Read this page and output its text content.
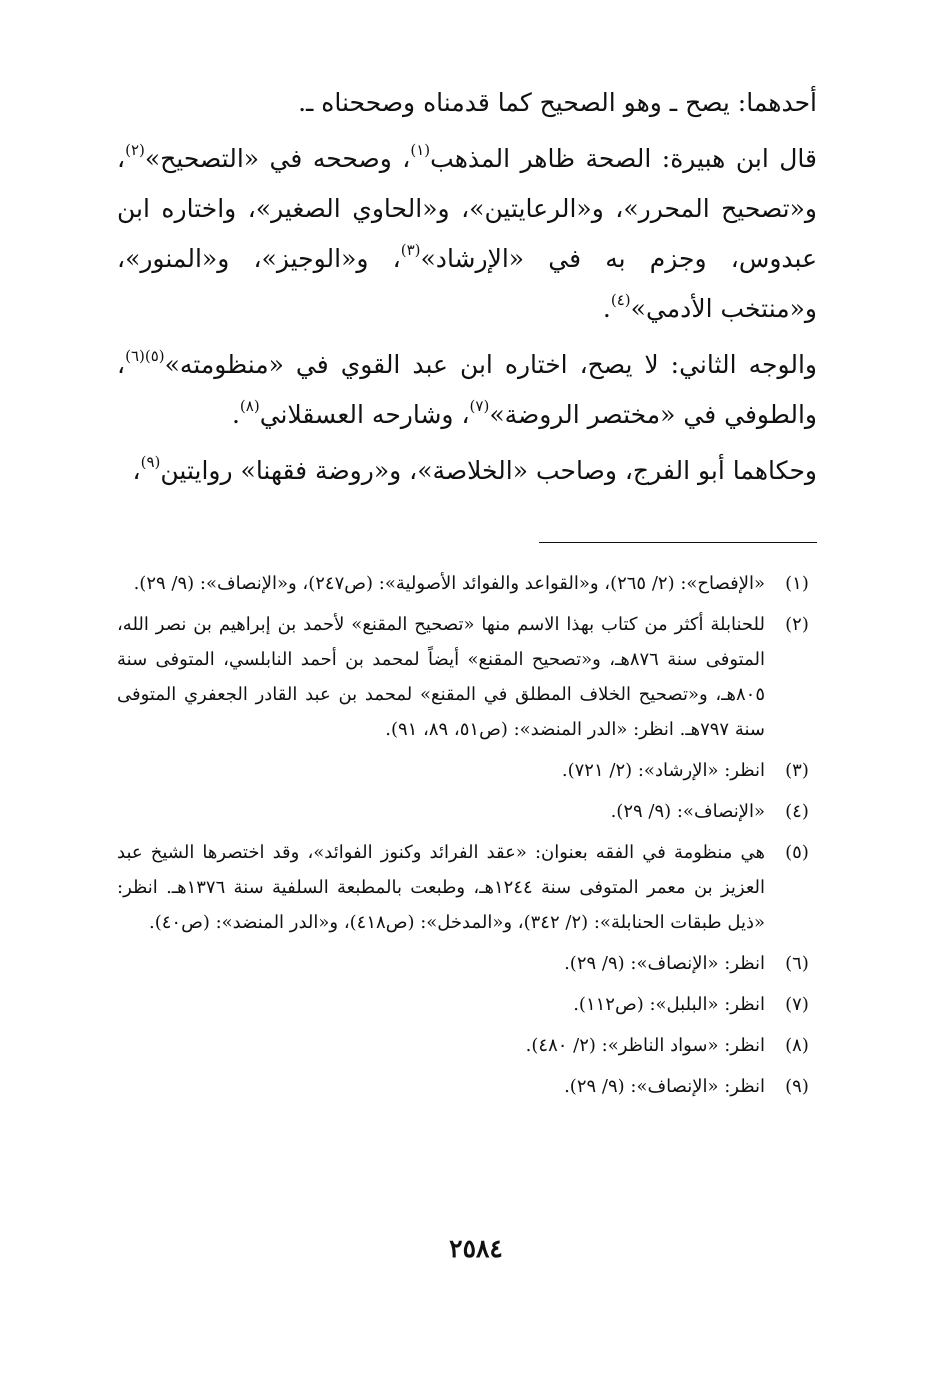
أحدهما: يصح ـ وهو الصحيح كما قدمناه وصححناه ـ.

قال ابن هبيرة: الصحة ظاهر المذهب$^{(١)}$، وصححه في «التصحيح»$^{(٢)}$، و«تصحيح المحرر»، و«الرعايتين»، و«الحاوي الصغير»، واختاره ابن عبدوس، وجزم به في «الإرشاد»$^{(٣)}$، و«الوجيز»، و«المنور»، و«منتخب الأدمي»$^{(٤)}$.

والوجه الثاني: لا يصح، اختاره ابن عبد القوي في «منظومته»$^{(٥)(٦)}$، والطوفي في «مختصر الروضة»$^{(٧)}$، وشارحه العسقلاني$^{(٨)}$.

وحكاهما أبو الفرج، وصاحب «الخلاصة»، و«روضة فقهنا» روايتين$^{(٩)}$،

(١)
«الإفصاح»: (٢/ ٢٦٥)، و«القواعد والفوائد الأصولية»: (ص٢٤٧)، و«الإنصاف»: (٩/ ٢٩).
(٢)
للحنابلة أكثر من كتاب بهذا الاسم منها «تصحيح المقنع» لأحمد بن إبراهيم بن نصر الله، المتوفى سنة ٨٧٦هـ، و«تصحيح المقنع» أيضاً لمحمد بن أحمد النابلسي، المتوفى سنة ٨٠٥هـ، و«تصحيح الخلاف المطلق في المقنع» لمحمد بن عبد القادر الجعفري المتوفى سنة ٧٩٧هـ. انظر: «الدر المنضد»: (ص٥١، ٨٩، ٩١).
(٣)
انظر: «الإرشاد»: (٢/ ٧٢١).
(٤)
«الإنصاف»: (٩/ ٢٩).
(٥)
هي منظومة في الفقه بعنوان: «عقد الفرائد وكنوز الفوائد»، وقد اختصرها الشيخ عبد العزيز بن معمر المتوفى سنة ١٢٤٤هـ، وطبعت بالمطبعة السلفية سنة ١٣٧٦هـ. انظر: «ذيل طبقات الحنابلة»: (٢/ ٣٤٢)، و«المدخل»: (ص٤١٨)، و«الدر المنضد»: (ص٤٠).
(٦)
انظر: «الإنصاف»: (٩/ ٢٩).
(٧)
انظر: «البلبل»: (ص١١٢).
(٨)
انظر: «سواد الناظر»: (٢/ ٤٨٠).
(٩)
انظر: «الإنصاف»: (٩/ ٢٩).
٢٥٨٤
